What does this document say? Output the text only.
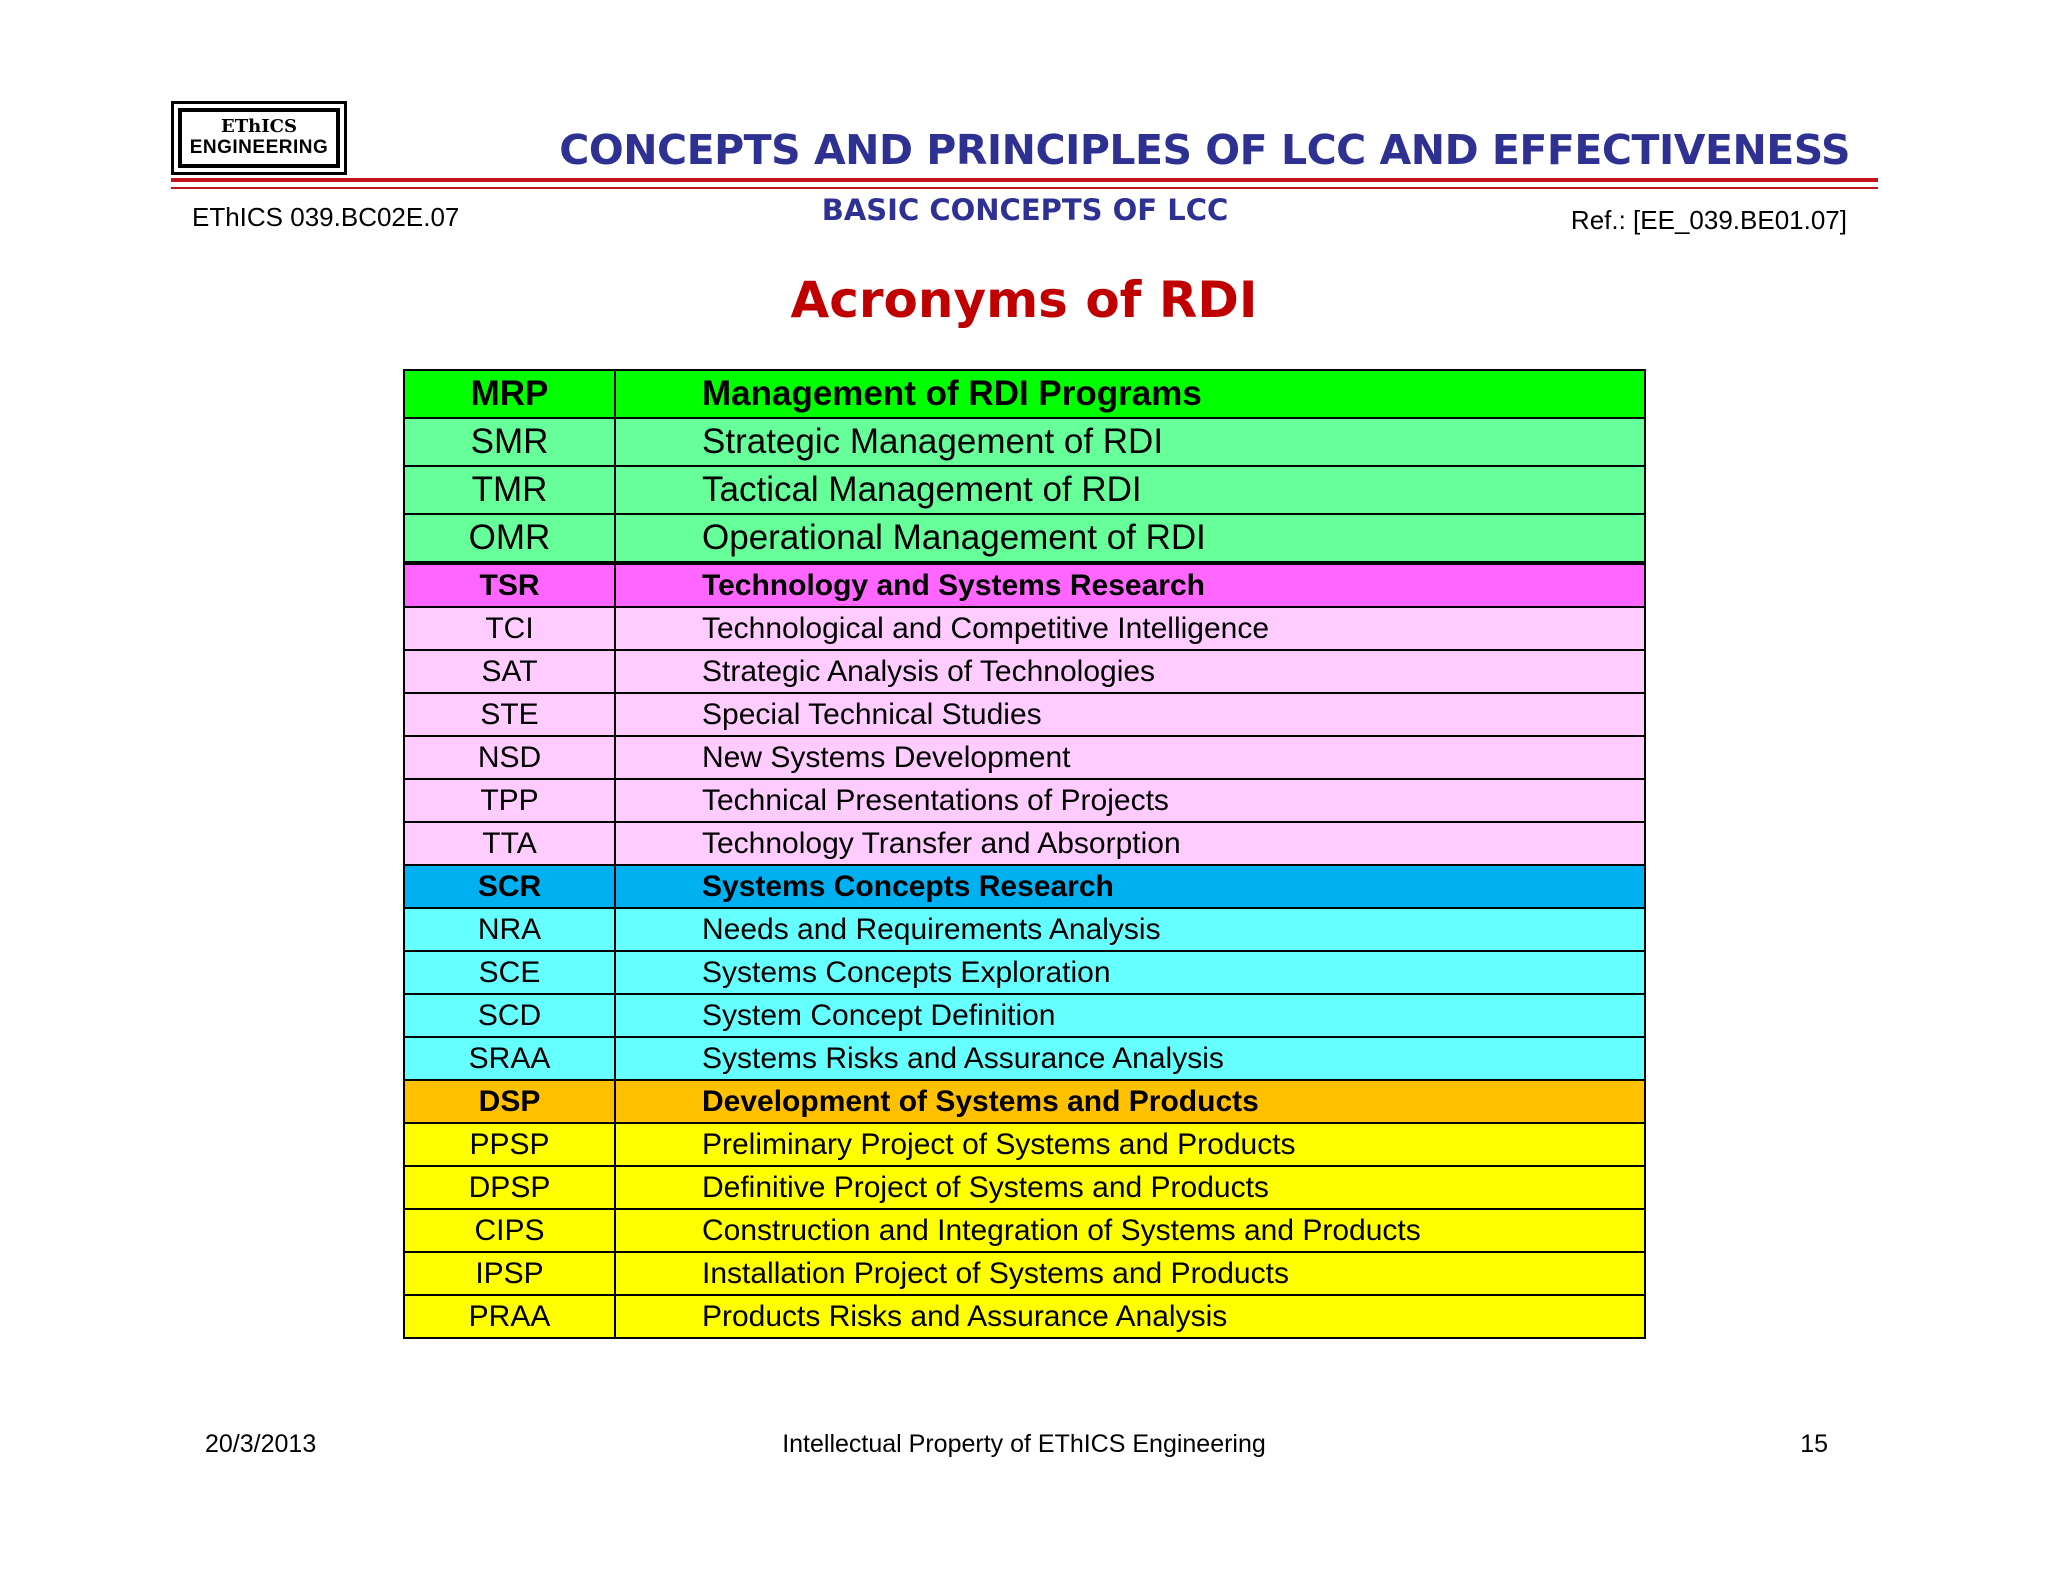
EThICS
ENGINEERING	CONCEPTS AND PRINCIPLES OF LCC AND EFFECTIVENESS
EThICS 039.BC02E.07	BASIC CONCEPTS OF LCC	Ref.: [EE_039.BE01.07]
Acronyms of RDI
MRP	Management of RDI Programs
SMR	Strategic Management of RDI
TMR	Tactical Management of RDI
OMR	Operational Management of RDI
TSR	Technology and Systems Research
TCI	Technological and Competitive Intelligence
SAT	Strategic Analysis of Technologies
STE	Special Technical Studies
NSD	New Systems Development
TPP	Technical Presentations of Projects
TTA	Technology Transfer and Absorption
SCR	Systems Concepts Research
NRA	Needs and Requirements Analysis
SCE	Systems Concepts Exploration
SCD	System Concept Definition
SRAA	Systems Risks and Assurance Analysis
DSP	Development of Systems and Products
PPSP	Preliminary Project of Systems and Products
DPSP	Definitive Project of Systems and Products
CIPS	Construction and Integration of Systems and Products
IPSP	Installation Project of Systems and Products
PRAA	Products Risks and Assurance Analysis
20/3/2013	Intellectual Property of EThICS Engineering	15
